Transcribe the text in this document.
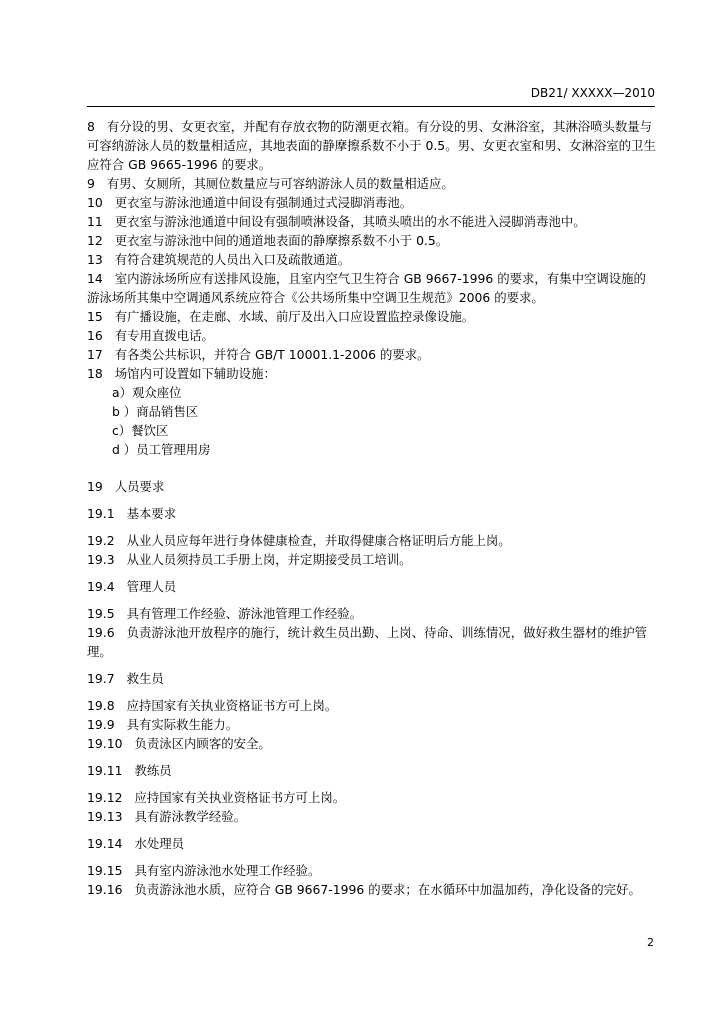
DB21/ XXXXX—2010

8 有分设的男、女更衣室，并配有存放衣物的防潮更衣箱。有分设的男、女淋浴室，其淋浴喷头数量与可容纳游泳人员的数量相适应，其地表面的静摩擦系数不小于 0.5。男、女更衣室和男、女淋浴室的卫生应符合 GB 9665-1996 的要求。

9 有男、女厕所，其厕位数量应与可容纳游泳人员的数量相适应。

10 更衣室与游泳池通道中间设有强制通过式浸脚消毒池。

11 更衣室与游泳池通道中间设有强制喷淋设备，其喷头喷出的水不能进入浸脚消毒池中。

12 更衣室与游泳池中间的通道地表面的静摩擦系数不小于 0.5。

13 有符合建筑规范的人员出入口及疏散通道。

14 室内游泳场所应有送排风设施，且室内空气卫生符合 GB 9667-1996 的要求，有集中空调设施的游泳场所其集中空调通风系统应符合《公共场所集中空调卫生规范》2006 的要求。

15 有广播设施，在走廊、水域、前厅及出入口应设置监控录像设施。

16 有专用直拨电话。

17 有各类公共标识，并符合 GB/T 10001.1-2006 的要求。

18 场馆内可设置如下辅助设施：

a）观众座位

b ）商品销售区

c）餐饮区

d ）员工管理用房

19 人员要求

19.1 基本要求

19.2 从业人员应每年进行身体健康检查，并取得健康合格证明后方能上岗。

19.3 从业人员须持员工手册上岗，并定期接受员工培训。

19.4 管理人员

19.5 具有管理工作经验、游泳池管理工作经验。

19.6 负责游泳池开放程序的施行，统计救生员出勤、上岗、待命、训练情况，做好救生器材的维护管理。

19.7 救生员

19.8 应持国家有关执业资格证书方可上岗。

19.9 具有实际救生能力。

19.10 负责泳区内顾客的安全。

19.11 教练员

19.12 应持国家有关执业资格证书方可上岗。

19.13 具有游泳教学经验。

19.14 水处理员

19.15 具有室内游泳池水处理工作经验。

19.16 负责游泳池水质，应符合 GB 9667-1996 的要求；在水循环中加温加药，净化设备的完好。

2
